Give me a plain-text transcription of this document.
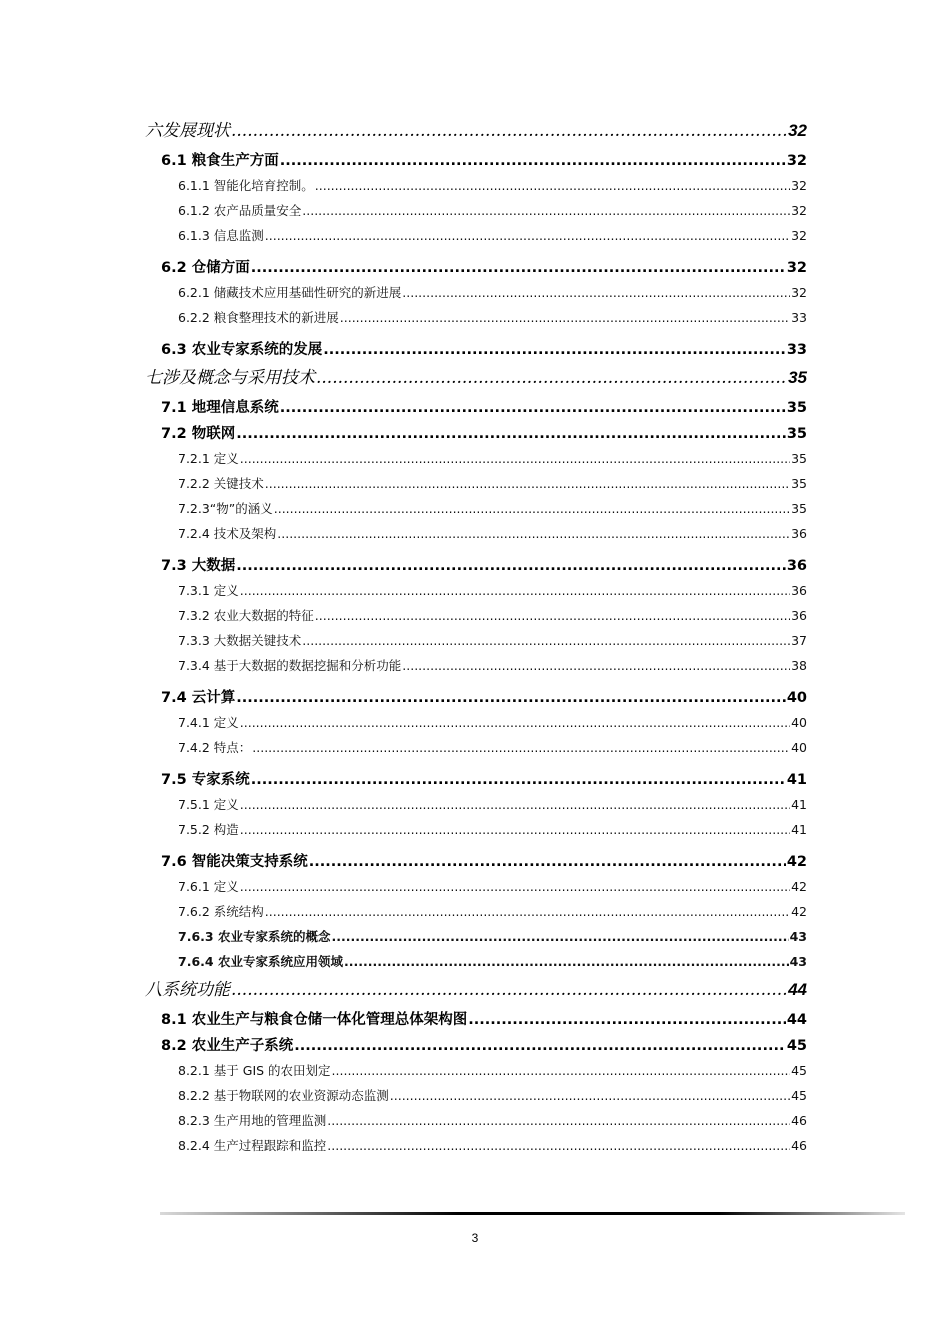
六发展现状 .....	32
6.1 粮食生产方面 .....	32
6.1.1 智能化培育控制。 .....	32
6.1.2 农产品质量安全 .....	32
6.1.3 信息监测 .....	32
6.2 仓储方面 .....	32
6.2.1 储藏技术应用基础性研究的新进展 .....	32
6.2.2 粮食整理技术的新进展 .....	33
6.3 农业专家系统的发展 .....	33
七涉及概念与采用技术 .....	35
7.1 地理信息系统 .....	35
7.2 物联网 .....	35
7.2.1 定义 .....	35
7.2.2 关键技术 .....	35
7.2.3“物”的涵义 .....	35
7.2.4 技术及架构 .....	36
7.3 大数据 .....	36
7.3.1 定义 .....	36
7.3.2 农业大数据的特征 .....	36
7.3.3 大数据关键技术 .....	37
7.3.4 基于大数据的数据挖掘和分析功能 .....	38
7.4 云计算 .....	40
7.4.1 定义 .....	40
7.4.2 特点： .....	40
7.5 专家系统 .....	41
7.5.1 定义 .....	41
7.5.2 构造 .....	41
7.6 智能决策支持系统 .....	42
7.6.1 定义 .....	42
7.6.2 系统结构 .....	42
7.6.3 农业专家系统的概念 .....	43
7.6.4 农业专家系统应用领域 .....	43
八系统功能 .....	44
8.1 农业生产与粮食仓储一体化管理总体架构图 .....	44
8.2 农业生产子系统 .....	45
8.2.1 基于 GIS 的农田划定 .....	45
8.2.2 基于物联网的农业资源动态监测 .....	45
8.2.3 生产用地的管理监测 .....	46
8.2.4 生产过程跟踪和监控 .....	46
3
